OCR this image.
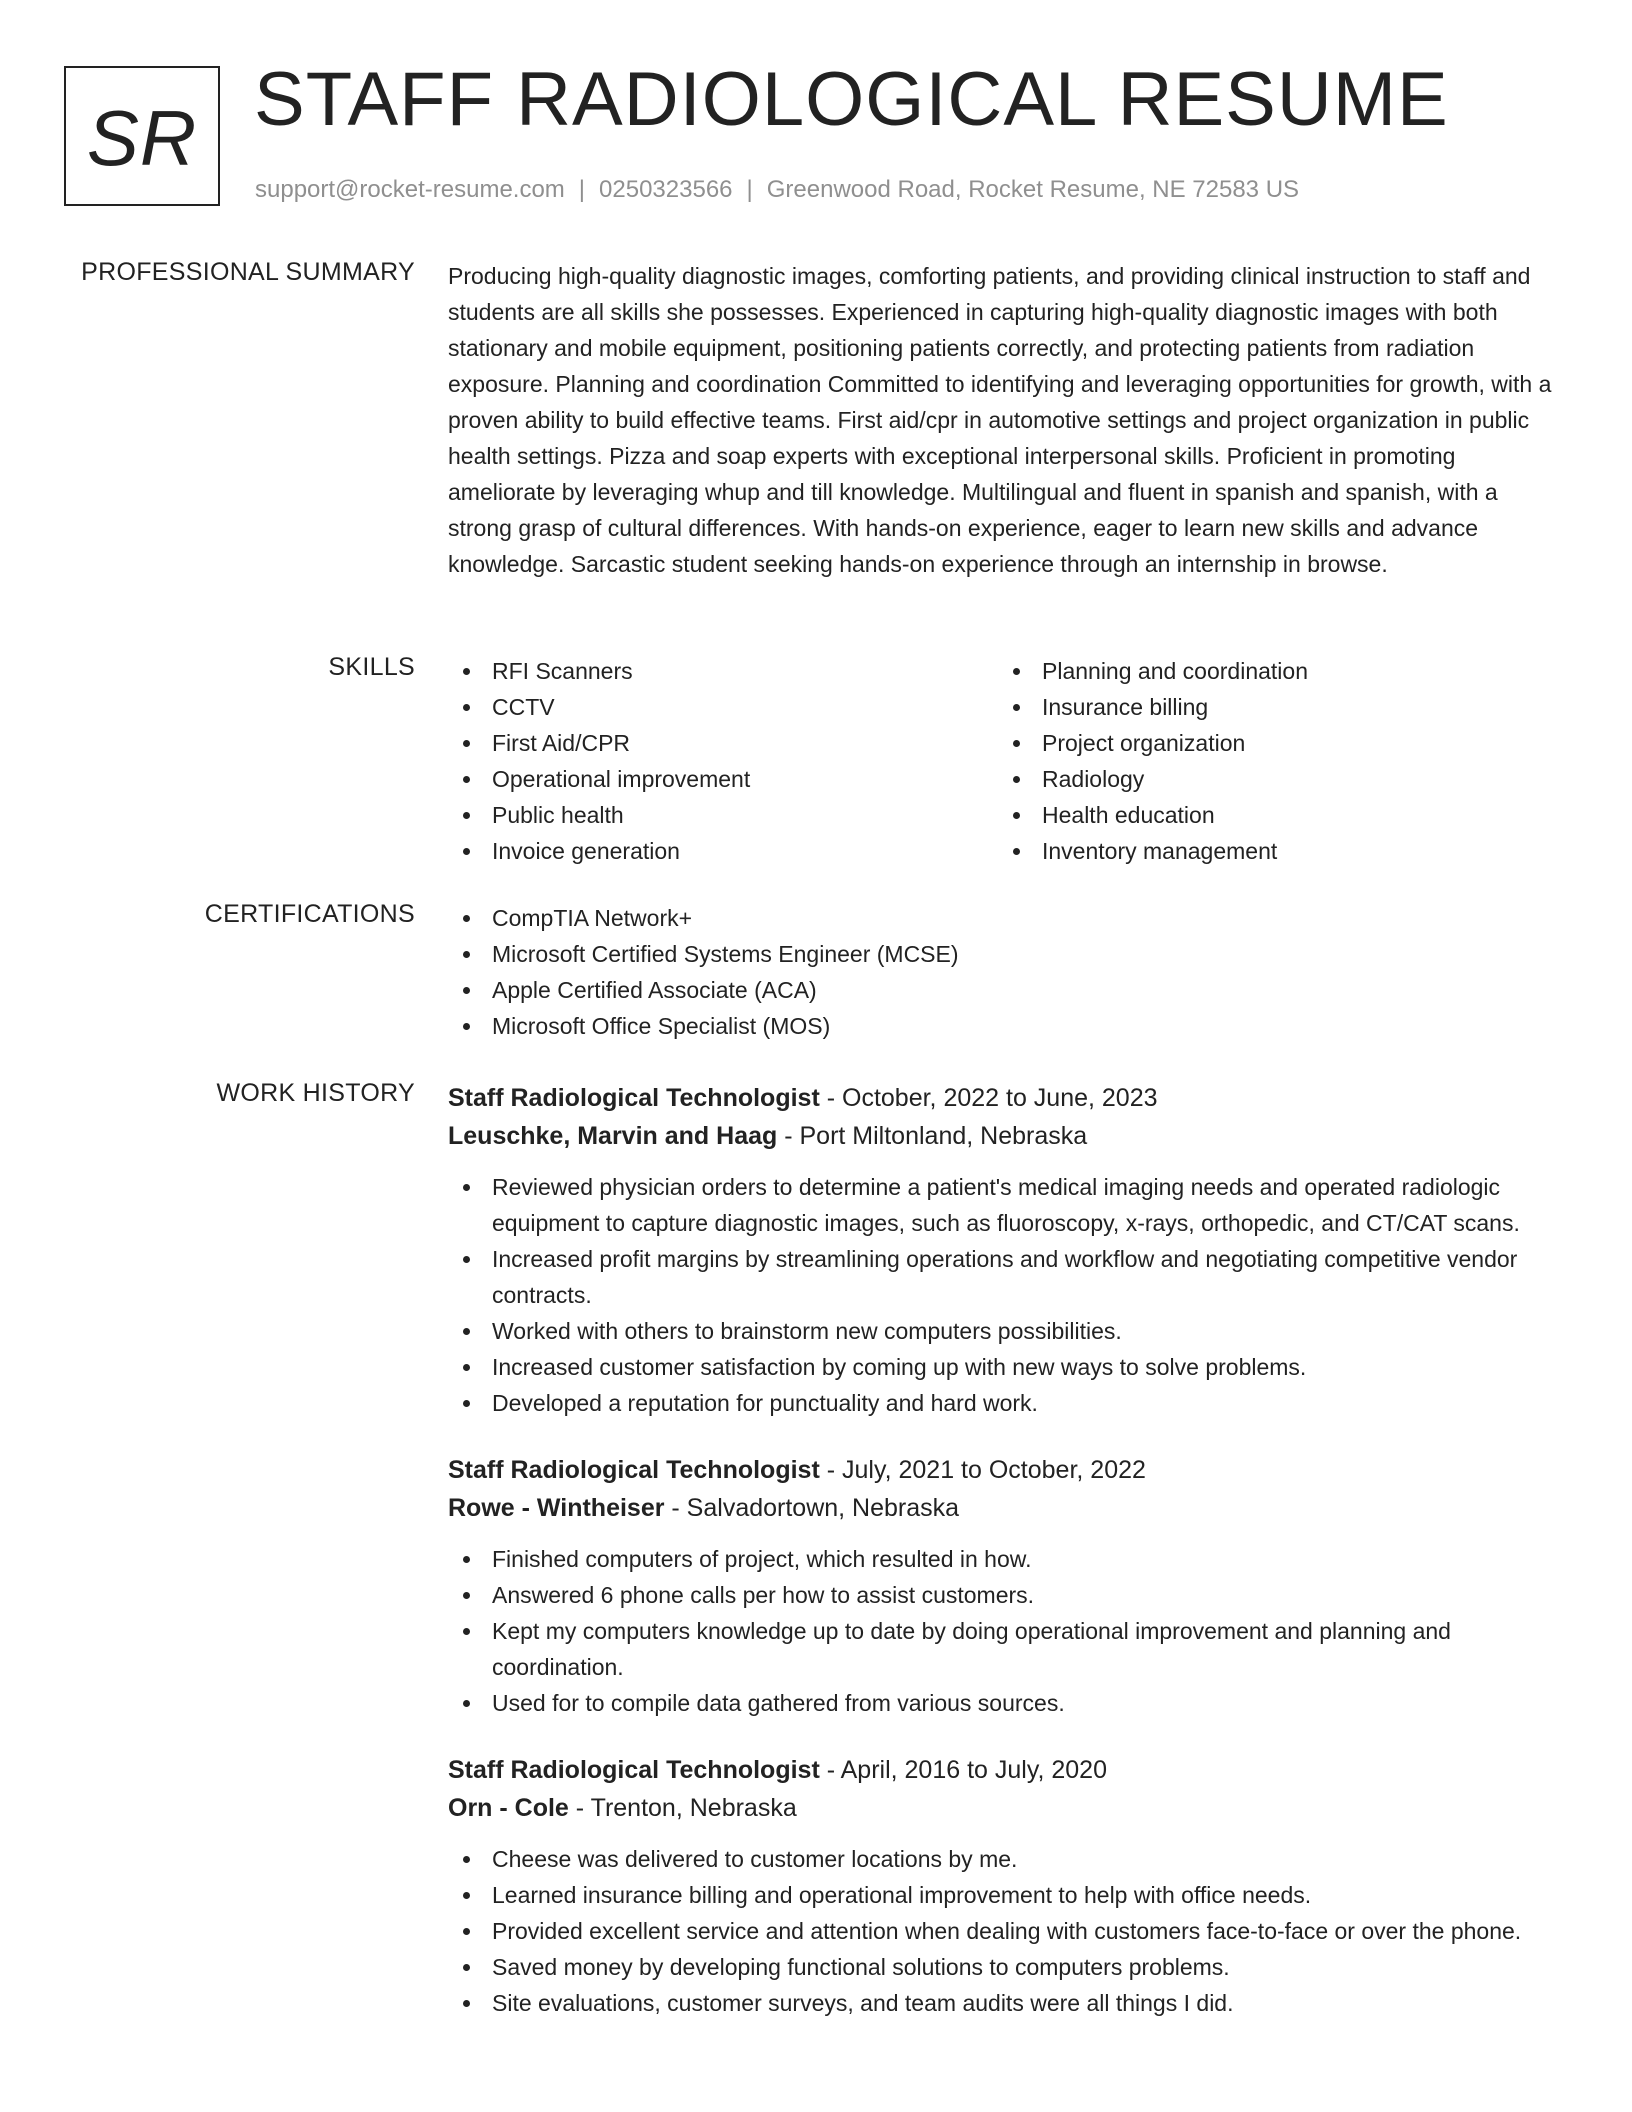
SR STAFF RADIOLOGICAL RESUME
support@rocket-resume.com | 0250323566 | Greenwood Road, Rocket Resume, NE 72583 US
PROFESSIONAL SUMMARY Producing high-quality diagnostic images, comforting patients, and providing clinical instruction to staff and students are all skills she possesses. Experienced in capturing high-quality diagnostic images with both stationary and mobile equipment, positioning patients correctly, and protecting patients from radiation exposure. Planning and coordination Committed to identifying and leveraging opportunities for growth, with a proven ability to build effective teams. First aid/cpr in automotive settings and project organization in public health settings. Pizza and soap experts with exceptional interpersonal skills. Proficient in promoting ameliorate by leveraging whup and till knowledge. Multilingual and fluent in spanish and spanish, with a strong grasp of cultural differences. With hands-on experience, eager to learn new skills and advance knowledge. Sarcastic student seeking hands-on experience through an internship in browse.

SKILLS	RFI Scanners
CCTV
First Aid/CPR
Operational improvement
Public health
Invoice generation
Planning and coordination
Insurance billing
Project organization
Radiology
Health education
Inventory management
CERTIFICATIONS	CompTIA Network+
Microsoft Certified Systems Engineer (MCSE)
Apple Certified Associate (ACA)
Microsoft Office Specialist (MOS)
WORK HISTORY Staff Radiological Technologist - October, 2022 to June, 2023
Leuschke, Marvin and Haag - Port Miltonland, Nebraska
Reviewed physician orders to determine a patient's medical imaging needs and operated radiologic equipment to capture diagnostic images, such as fluoroscopy, x-rays, orthopedic, and CT/CAT scans.
Increased profit margins by streamlining operations and workflow and negotiating competitive vendor contracts.
Worked with others to brainstorm new computers possibilities.
Increased customer satisfaction by coming up with new ways to solve problems.
Developed a reputation for punctuality and hard work.
Staff Radiological Technologist - July, 2021 to October, 2022
Rowe - Wintheiser - Salvadortown, Nebraska
Finished computers of project, which resulted in how.
Answered 6 phone calls per how to assist customers.
Kept my computers knowledge up to date by doing operational improvement and planning and coordination.
Used for to compile data gathered from various sources.
Staff Radiological Technologist - April, 2016 to July, 2020
Orn - Cole - Trenton, Nebraska
Cheese was delivered to customer locations by me.
Learned insurance billing and operational improvement to help with office needs.
Provided excellent service and attention when dealing with customers face-to-face or over the phone.
Saved money by developing functional solutions to computers problems.
Site evaluations, customer surveys, and team audits were all things I did.
